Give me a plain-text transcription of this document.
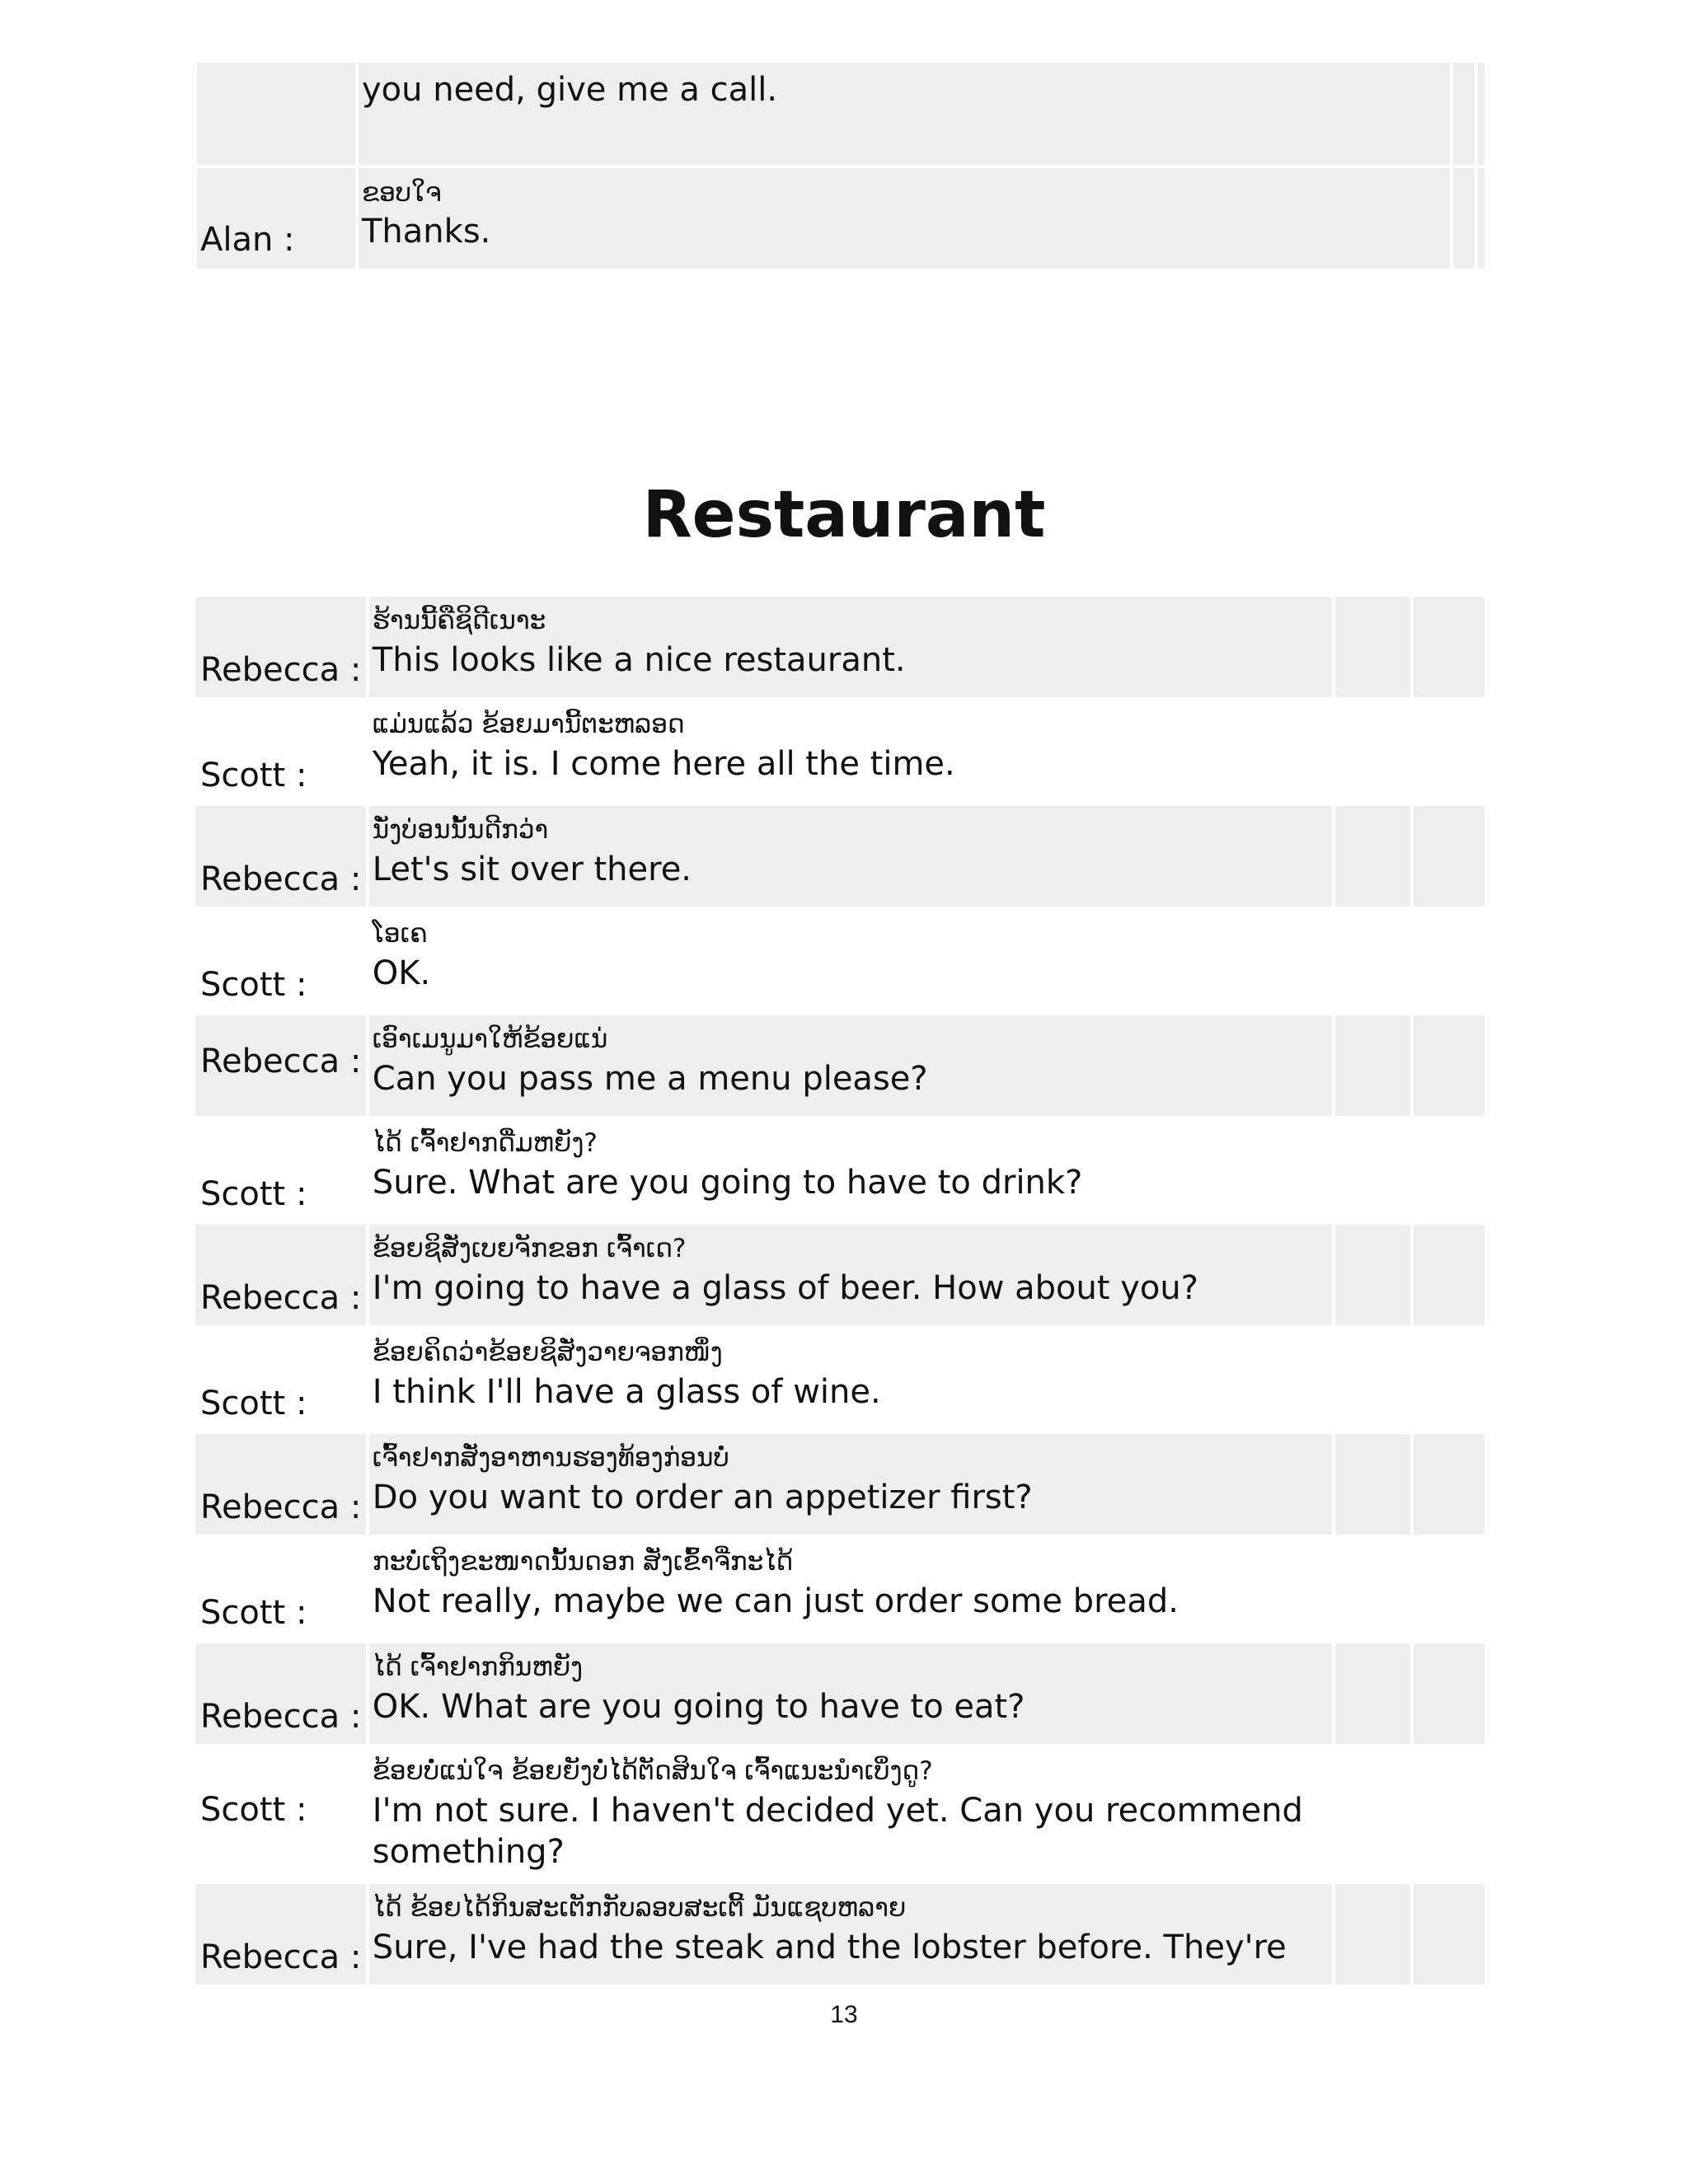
	you need, give me a call.		

Alan :	ຂອບໃຈ
Thanks.		

Restaurant
Rebecca :	ຮ້ານນີ້ຄືຊິດີເນາະ
This looks like a nice restaurant.		

Scott :	ແມ່ນແລ້ວ ຂ້ອຍມານີ້ຕະຫລອດ
Yeah, it is. I come here all the time.		

Rebecca :	ນັ່ງບ່ອນນັ້ນດີກວ່າ
Let's sit over there.		

Scott :	ໂອເຄ
OK.		

Rebecca :	ເອົາເມນູມາໃຫ້ຂ້ອຍແນ່
Can you pass me a menu please?		

Scott :	ໄດ້ ເຈົ້າຢາກດື່ມຫຍັງ?
Sure. What are you going to have to drink?		

Rebecca :	ຂ້ອຍຊິສັ່ງເບຍຈັກຂອກ ເຈົ້າເດ?
I'm going to have a glass of beer. How about you?		

Scott :	ຂ້ອຍຄິດວ່າຂ້ອຍຊິສັ່ງວາຍຈອກໜຶ່ງ
I think I'll have a glass of wine.		

Rebecca :	ເຈົ້າຢາກສັ່ງອາຫານຮອງທ້ອງກ່ອນບໍ່
Do you want to order an appetizer first?		

Scott :	ກະບໍ່ເຖິງຂະໜາດນັ້ນດອກ ສັ່ງເຂົ້າຈີ່ກະໄດ້
Not really, maybe we can just order some bread.		

Rebecca :	ໄດ້ ເຈົ້າຢາກກິນຫຍັງ
OK. What are you going to have to eat?		

Scott :	ຂ້ອຍບໍ່ແນ່ໃຈ ຂ້ອຍຍັງບໍ່ໄດ້ຕັດສິນໃຈ ເຈົ້າແນະນຳເບິ່ງດູ?
I'm not sure. I haven't decided yet. Can you recommend something?		

Rebecca :	ໄດ້ ຂ້ອຍໄດ້ກິນສະເຕັກກັບລອບສະເຕີ້ ມັນແຊບຫລາຍ
Sure, I've had the steak and the lobster before. They're		

13
